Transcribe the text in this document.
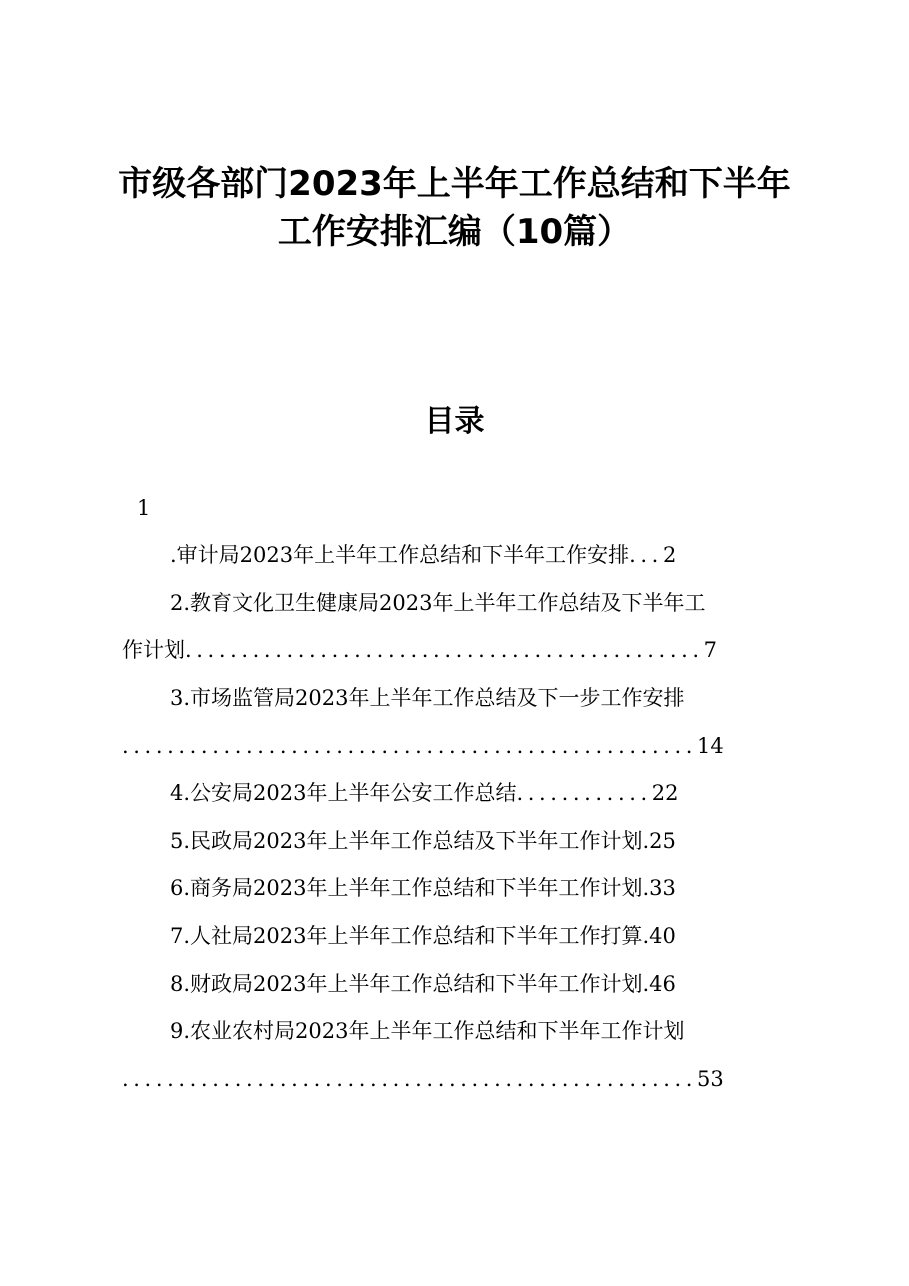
市级各部门2023年上半年工作总结和下半年
工作安排汇编（10篇）
目录
1
.审计局2023年上半年工作总结和下半年工作安排...2
2.教育文化卫生健康局2023年上半年工作总结及下半年工
作计划..............................................7
3.市场监管局2023年上半年工作总结及下一步工作安排
...................................................14
4.公安局2023年上半年公安工作总结............22
5.民政局2023年上半年工作总结及下半年工作计划.25
6.商务局2023年上半年工作总结和下半年工作计划.33
7.人社局2023年上半年工作总结和下半年工作打算.40
8.财政局2023年上半年工作总结和下半年工作计划.46
9.农业农村局2023年上半年工作总结和下半年工作计划
...................................................53
